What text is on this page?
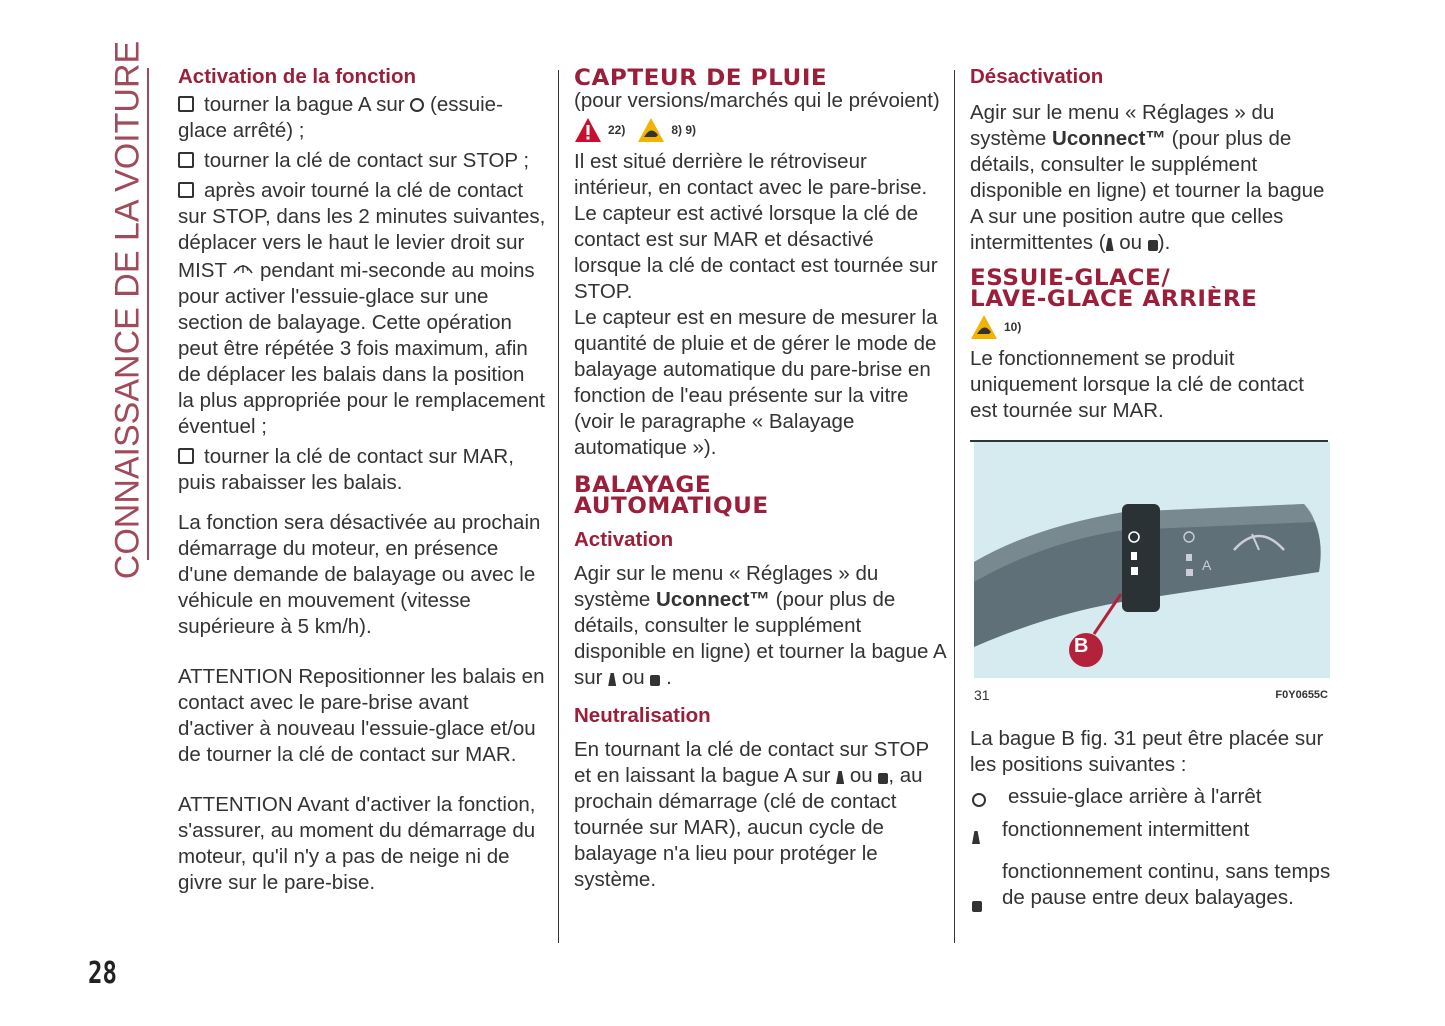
CONNAISSANCE DE LA VOITURE
28
Activation de la fonction

tourner la bague A sur (essuie-glace arrêté) ;

tourner la clé de contact sur STOP ;

après avoir tourné la clé de contact sur STOP, dans les 2 minutes suivantes, déplacer vers le haut le levier droit sur MIST pendant mi-seconde au moins pour activer l'essuie-glace sur une section de balayage. Cette opération peut être répétée 3 fois maximum, afin de déplacer les balais dans la position la plus appropriée pour le remplacement éventuel ;

tourner la clé de contact sur MAR, puis rabaisser les balais.

La fonction sera désactivée au prochain démarrage du moteur, en présence d'une demande de balayage ou avec le véhicule en mouvement (vitesse supérieure à 5 km/h).

ATTENTION Repositionner les balais en contact avec le pare-brise avant d'activer à nouveau l'essuie-glace et/ou de tourner la clé de contact sur MAR.

ATTENTION Avant d'activer la fonction, s'assurer, au moment du démarrage du moteur, qu'il n'y a pas de neige ni de givre sur le pare-bise.

CAPTEUR DE PLUIE

(pour versions/marchés qui le prévoient)

22)	8) 9)

Il est situé derrière le rétroviseur intérieur, en contact avec le pare-brise. Le capteur est activé lorsque la clé de contact est sur MAR et désactivé lorsque la clé de contact est tournée sur STOP.

Le capteur est en mesure de mesurer la quantité de pluie et de gérer le mode de balayage automatique du pare-brise en fonction de l'eau présente sur la vitre (voir le paragraphe « Balayage automatique »).

BALAYAGE
AUTOMATIQUE
Activation

Agir sur le menu « Réglages » du système Uconnect™ (pour plus de détails, consulter le supplément disponible en ligne) et tourner la bague A sur ou .

Neutralisation

En tournant la clé de contact sur STOP et en laissant la bague A sur ou , au prochain démarrage (clé de contact tournée sur MAR), aucun cycle de balayage n'a lieu pour protéger le système.

Désactivation

Agir sur le menu « Réglages » du système Uconnect™ (pour plus de détails, consulter le supplément disponible en ligne) et tourner la bague A sur une position autre que celles intermittentes ( ou ).

ESSUIE-GLACE/
LAVE-GLACE ARRIÈRE
10)

Le fonctionnement se produit uniquement lorsque la clé de contact est tournée sur MAR.

A
B
31	F0Y0655C

La bague B fig. 31 peut être placée sur les positions suivantes :

essuie-glace arrière à l'arrêt
fonctionnement intermittent
fonctionnement continu, sans temps de pause entre deux balayages.
